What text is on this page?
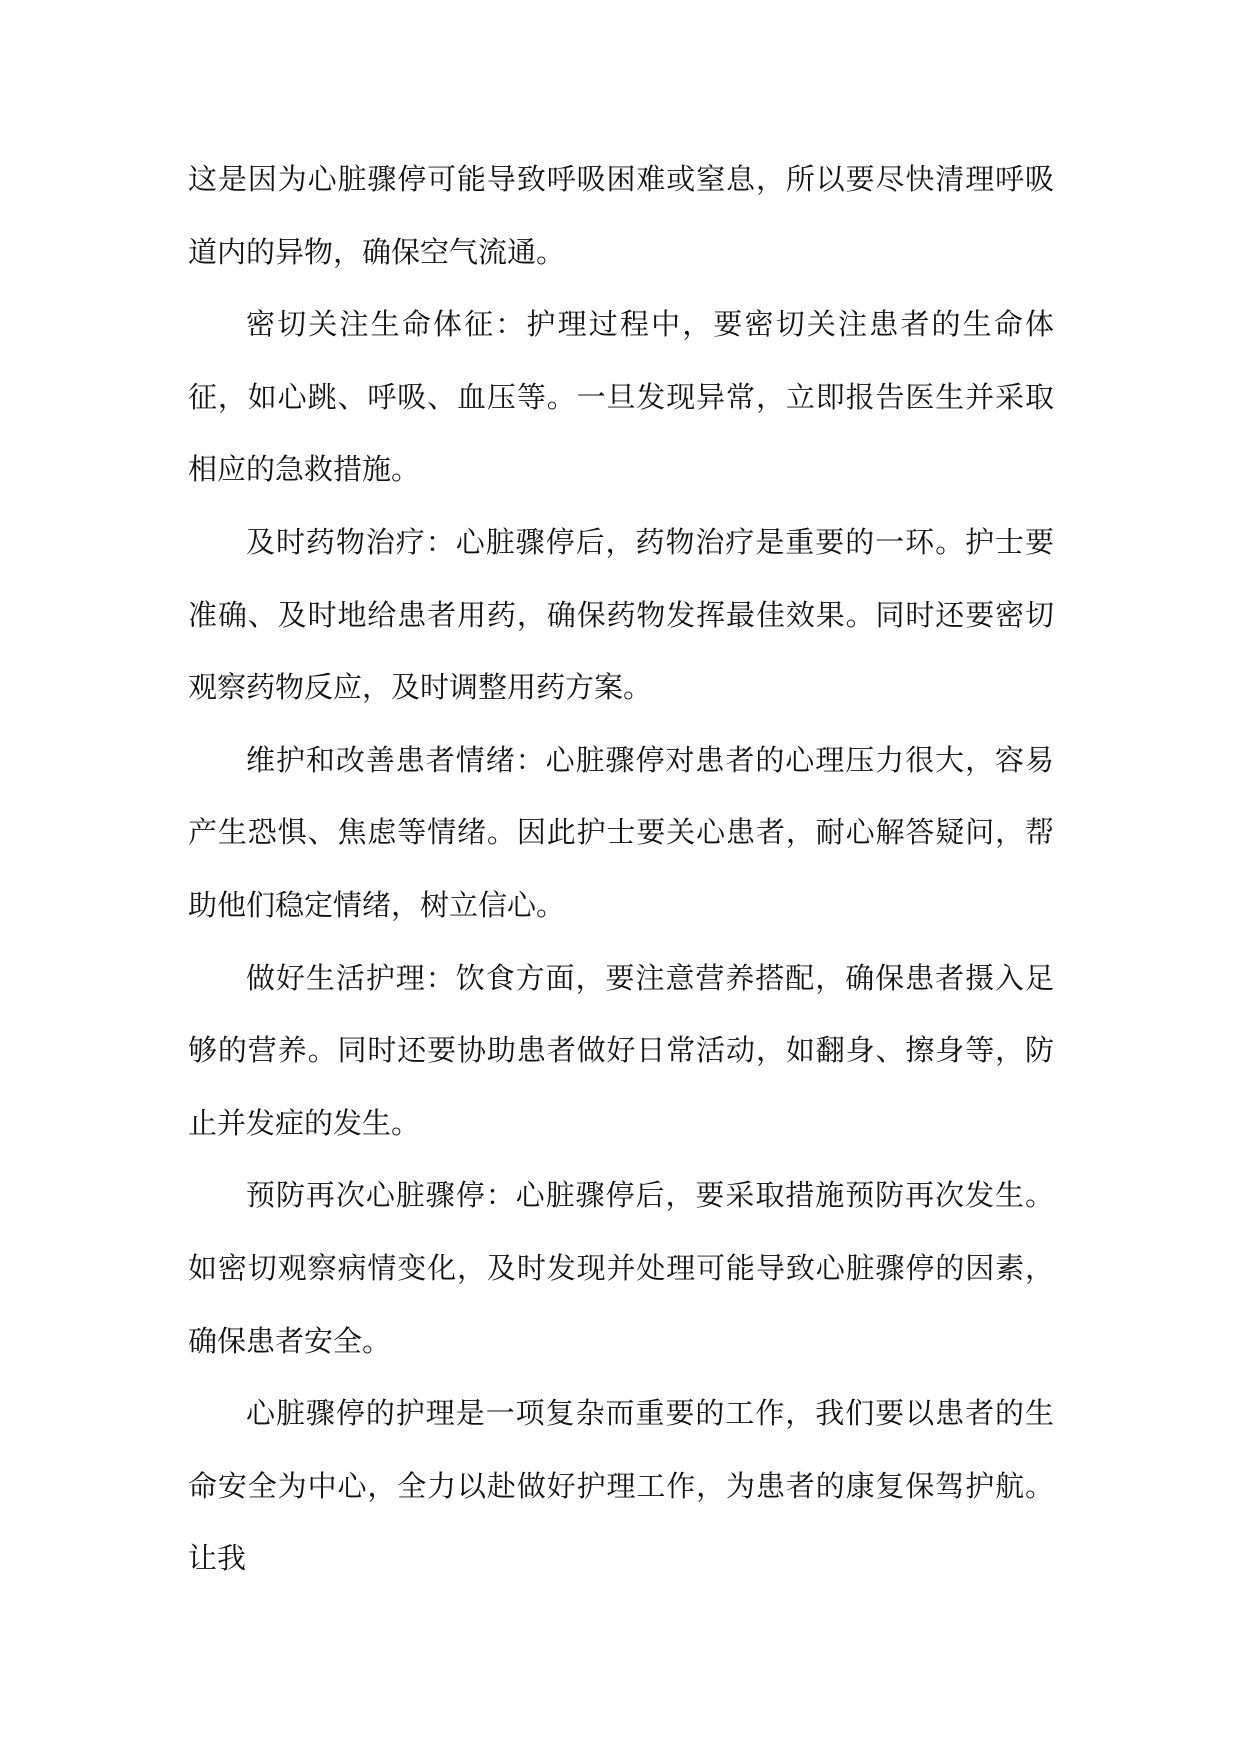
这是因为心脏骤停可能导致呼吸困难或窒息，所以要尽快清理呼吸道内的异物，确保空气流通。

密切关注生命体征：护理过程中，要密切关注患者的生命体征，如心跳、呼吸、血压等。一旦发现异常，立即报告医生并采取相应的急救措施。

及时药物治疗：心脏骤停后，药物治疗是重要的一环。护士要准确、及时地给患者用药，确保药物发挥最佳效果。同时还要密切观察药物反应，及时调整用药方案。

维护和改善患者情绪：心脏骤停对患者的心理压力很大，容易产生恐惧、焦虑等情绪。因此护士要关心患者，耐心解答疑问，帮助他们稳定情绪，树立信心。

做好生活护理：饮食方面，要注意营养搭配，确保患者摄入足够的营养。同时还要协助患者做好日常活动，如翻身、擦身等，防止并发症的发生。

预防再次心脏骤停：心脏骤停后，要采取措施预防再次发生。如密切观察病情变化，及时发现并处理可能导致心脏骤停的因素，确保患者安全。

心脏骤停的护理是一项复杂而重要的工作，我们要以患者的生命安全为中心，全力以赴做好护理工作，为患者的康复保驾护航。让我
